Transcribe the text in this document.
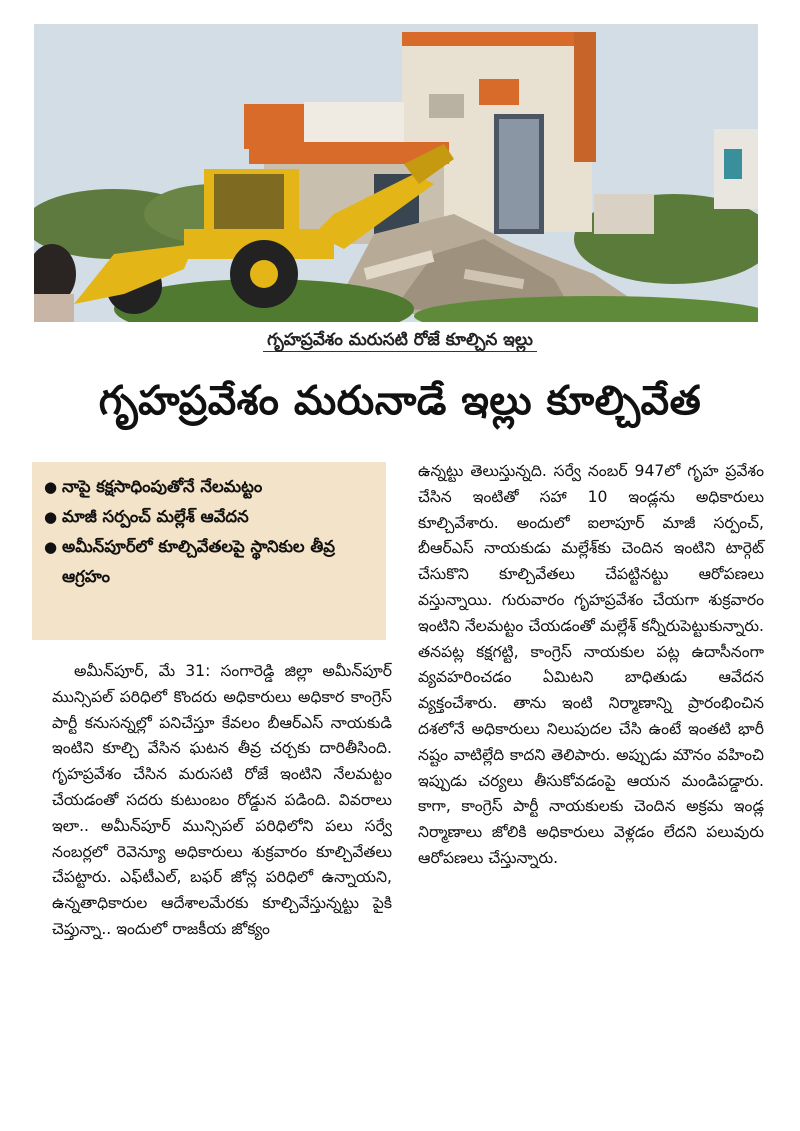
గృహప్రవేశం మరుసటి రోజే కూల్చిన ఇల్లు
గృహప్రవేశం మరునాడే ఇల్లు కూల్చివేత
● నాపై కక్షసాధింపుతోనే నేలమట్టం
● మాజీ సర్పంచ్ మల్లేశ్ ఆవేదన
● అమీన్‌పూర్‌లో కూల్చివేతలపై స్థానికుల తీవ్ర ఆగ్రహం
అమీన్‌పూర్, మే 31: సంగారెడ్డి జిల్లా అమీన్‌పూర్ మున్సిపల్ పరిధిలో కొందరు అధికారులు అధికార కాంగ్రెస్ పార్టీ కనుసన్నల్లో పనిచేస్తూ కేవలం బీఆర్‌ఎస్ నాయకుడి ఇంటిని కూల్చి వేసిన ఘటన తీవ్ర చర్చకు దారితీసింది. గృహప్రవేశం చేసిన మరుసటి రోజే ఇంటిని నేలమట్టం చేయడంతో సదరు కుటుంబం రోడ్డున పడింది. వివరాలు ఇలా.. అమీన్‌పూర్ మున్సిపల్ పరిధిలోని పలు సర్వే నంబర్లలో రెవెన్యూ అధికారులు శుక్రవారం కూల్చివేతలు చేపట్టారు. ఎఫ్‌టీఎల్, బఫర్ జోన్ల పరిధిలో ఉన్నాయని, ఉన్నతాధికారుల ఆదేశాలమేరకు కూల్చివేస్తున్నట్టు పైకి చెప్తున్నా.. ఇందులో రాజకీయ జోక్యం
ఉన్నట్టు తెలుస్తున్నది. సర్వే నంబర్ 947లో గృహ ప్రవేశం చేసిన ఇంటితో సహా 10 ఇండ్లను అధికారులు కూల్చివేశారు. అందులో ఐలాపూర్ మాజీ సర్పంచ్, బీఆర్‌ఎస్ నాయకుడు మల్లేశ్‌కు చెందిన ఇంటిని టార్గెట్ చేసుకొని కూల్చివేతలు చేపట్టినట్టు ఆరోపణలు వస్తున్నాయి. గురువారం గృహప్రవేశం చేయగా శుక్రవారం ఇంటిని నేలమట్టం చేయడంతో మల్లేశ్ కన్నీరుపెట్టుకున్నారు. తనపట్ల కక్షగట్టి, కాంగ్రెస్ నాయకుల పట్ల ఉదాసీనంగా వ్యవహరించడం ఏమిటని బాధితుడు ఆవేదన వ్యక్తంచేశారు. తాను ఇంటి నిర్మాణాన్ని ప్రారంభించిన దశలోనే అధికారులు నిలుపుదల చేసి ఉంటే ఇంతటి భారీ నష్టం వాటిల్లేది కాదని తెలిపారు. అప్పుడు మౌనం వహించి ఇప్పుడు చర్యలు తీసుకోవడంపై ఆయన మండిపడ్డారు. కాగా, కాంగ్రెస్ పార్టీ నాయకులకు చెందిన అక్రమ ఇండ్ల నిర్మాణాలు జోలికి అధికారులు వెళ్లడం లేదని పలువురు ఆరోపణలు చేస్తున్నారు.
